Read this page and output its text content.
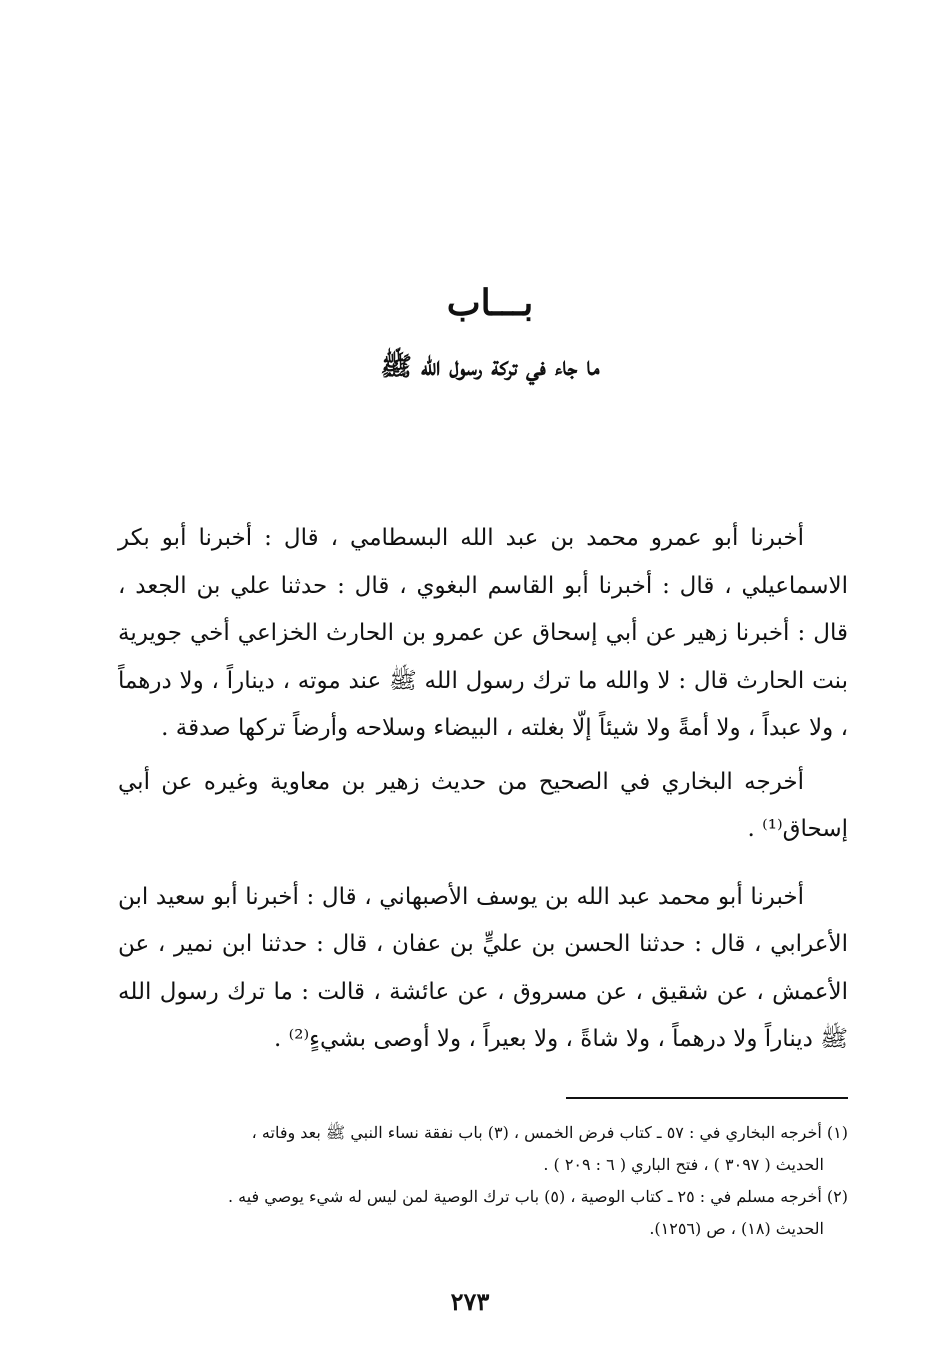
بـــاب
ما جاء في تركة رسول الله ﷺ

أخبرنا أبو عمرو محمد بن عبد الله البسطامي ، قال : أخبرنا أبو بكر الاسماعيلي ، قال : أخبرنا أبو القاسم البغوي ، قال : حدثنا علي بن الجعد ، قال : أخبرنا زهير عن أبي إسحاق عن عمرو بن الحارث الخزاعي أخي جويرية بنت الحارث قال : لا والله ما ترك رسول الله ﷺ عند موته ، ديناراً ، ولا درهماً ، ولا عبداً ، ولا أمةً ولا شيئاً إلّا بغلته ، البيضاء وسلاحه وأرضاً تركها صدقة .

أخرجه البخاري في الصحيح من حديث زهير بن معاوية وغيره عن أبي إسحاق⁽¹⁾ .

أخبرنا أبو محمد عبد الله بن يوسف الأصبهاني ، قال : أخبرنا أبو سعيد ابن الأعرابي ، قال : حدثنا الحسن بن عليٍّ بن عفان ، قال : حدثنا ابن نمير ، عن الأعمش ، عن شقيق ، عن مسروق ، عن عائشة ، قالت : ما ترك رسول الله ﷺ ديناراً ولا درهماً ، ولا شاةً ، ولا بعيراً ، ولا أوصى بشيءٍ⁽²⁾ .

(١) أخرجه البخاري في : ٥٧ ـ كتاب فرض الخمس ، (٣) باب نفقة نساء النبي ﷺ بعد وفاته ،

الحديث ( ٣٠٩٧ ) ، فتح الباري ( ٦ : ٢٠٩ ) .

(٢) أخرجه مسلم في : ٢٥ ـ كتاب الوصية ، (٥) باب ترك الوصية لمن ليس له شيء يوصي فيه .

الحديث (١٨) ، ص (١٢٥٦).

٢٧٣
